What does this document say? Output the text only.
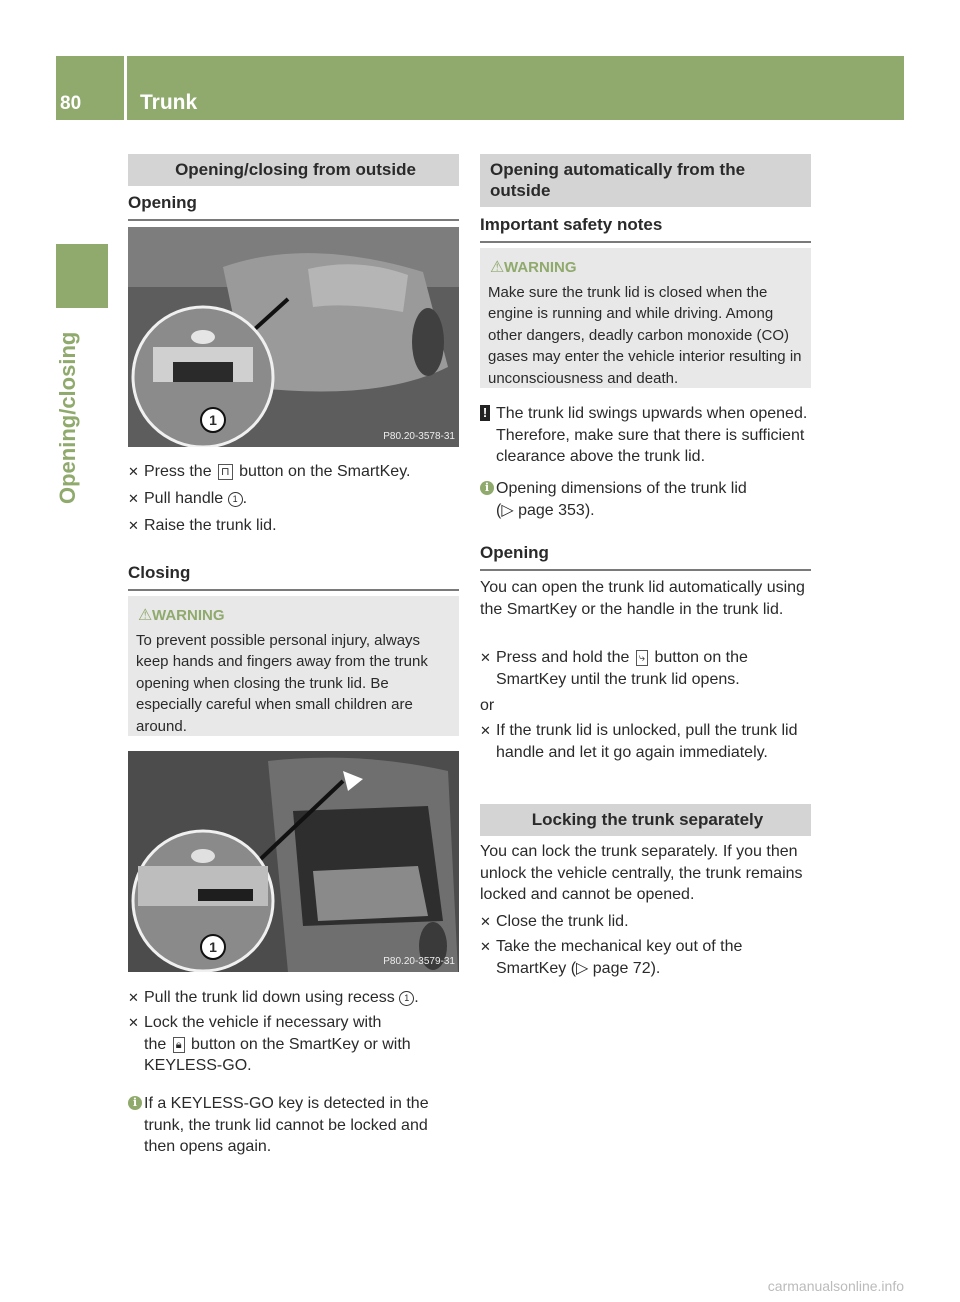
80	Trunk
Opening/closing
Opening/closing from outside
Opening
1
P80.20-3578-31
✕ Press the ⊓ button on the SmartKey.
✕ Pull handle 1 .
✕ Raise the trunk lid.
Closing
⚠ WARNING
To prevent possible personal injury, always keep hands and fingers away from the trunk opening when closing the trunk lid. Be especially careful when small children are around.
1
P80.20-3579-31
✕ Pull the trunk lid down using recess 1 .
✕ Lock the vehicle if necessary with
the 🔒︎ button on the SmartKey or with KEYLESS-GO.
i If a KEYLESS-GO key is detected in the trunk, the trunk lid cannot be locked and then opens again.
Opening automatically from the outside
Important safety notes
⚠ WARNING
Make sure the trunk lid is closed when the engine is running and while driving. Among other dangers, deadly carbon monoxide (CO) gases may enter the vehicle interior resulting in unconsciousness and death.
! The trunk lid swings upwards when opened. Therefore, make sure that there is sufficient clearance above the trunk lid.
i Opening dimensions of the trunk lid
(▷ page 353).
Opening
You can open the trunk lid automatically using the SmartKey or the handle in the trunk lid.
✕ Press and hold the ⤷ button on the SmartKey until the trunk lid opens.
or
✕ If the trunk lid is unlocked, pull the trunk lid handle and let it go again immediately.
Locking the trunk separately
You can lock the trunk separately. If you then unlock the vehicle centrally, the trunk remains locked and cannot be opened.
✕ Close the trunk lid.
✕ Take the mechanical key out of the SmartKey (▷ page 72).
carmanualsonline.info
